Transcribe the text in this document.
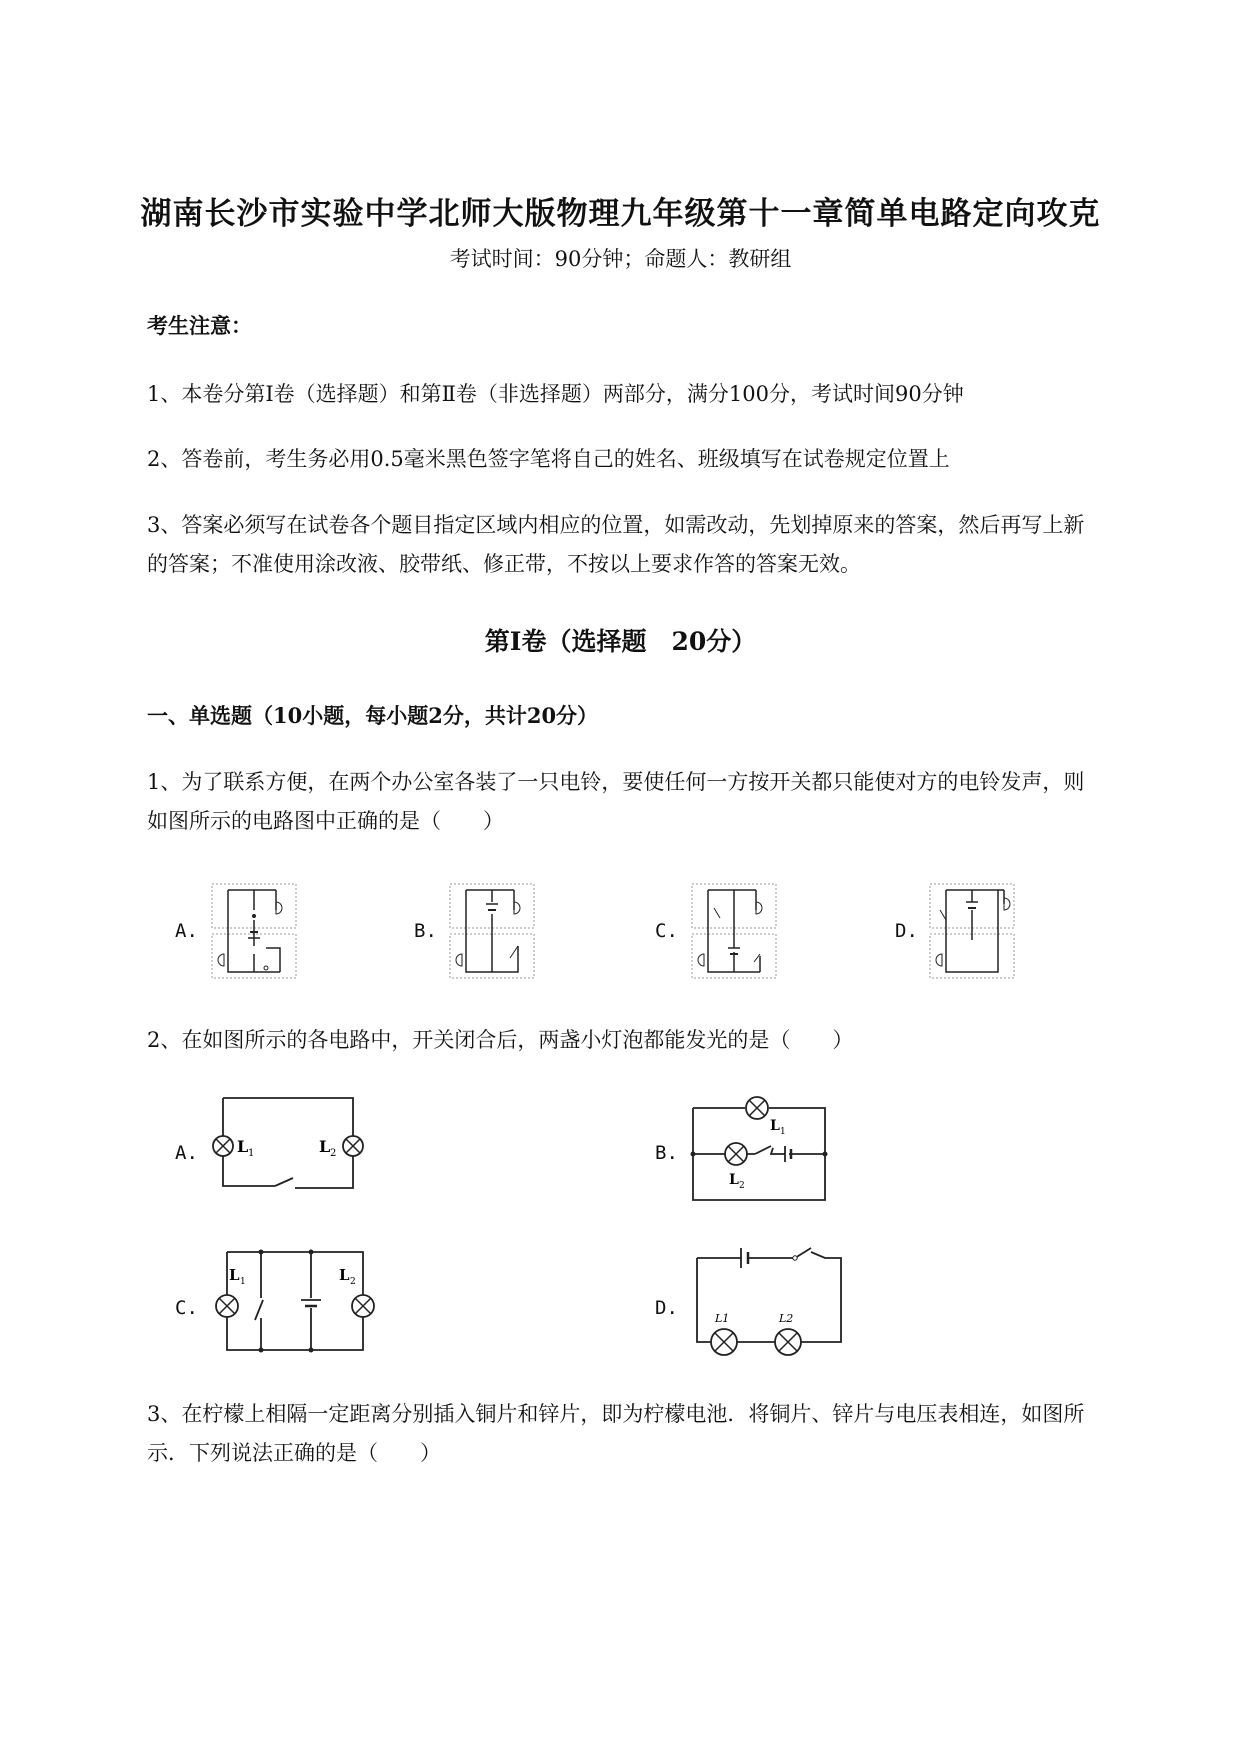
湖南长沙市实验中学北师大版物理九年级第十一章简单电路定向攻克
考试时间：90分钟；命题人：教研组
考生注意：
1、本卷分第Ⅰ卷（选择题）和第Ⅱ卷（非选择题）两部分，满分100分，考试时间90分钟
2、答卷前，考生务必用0.5毫米黑色签字笔将自己的姓名、班级填写在试卷规定位置上
3、答案必须写在试卷各个题目指定区域内相应的位置，如需改动，先划掉原来的答案，然后再写上新
的答案；不准使用涂改液、胶带纸、修正带，不按以上要求作答的答案无效。
第Ⅰ卷（选择题　20分）
一、单选题（10小题，每小题2分，共计20分）
1、为了联系方便，在两个办公室各装了一只电铃，要使任何一方按开关都只能使对方的电铃发声，则
如图所示的电路图中正确的是（　　）
A.	B.	C.	D.
2、在如图所示的各电路中，开关闭合后，两盏小灯泡都能发光的是（　　）
A.	B.
C.	D.
L 1	L 2
L 1
L 2
L 1	L 2
L1	L2
3、在柠檬上相隔一定距离分别插入铜片和锌片，即为柠檬电池．将铜片、锌片与电压表相连，如图所
示．下列说法正确的是（　　）
